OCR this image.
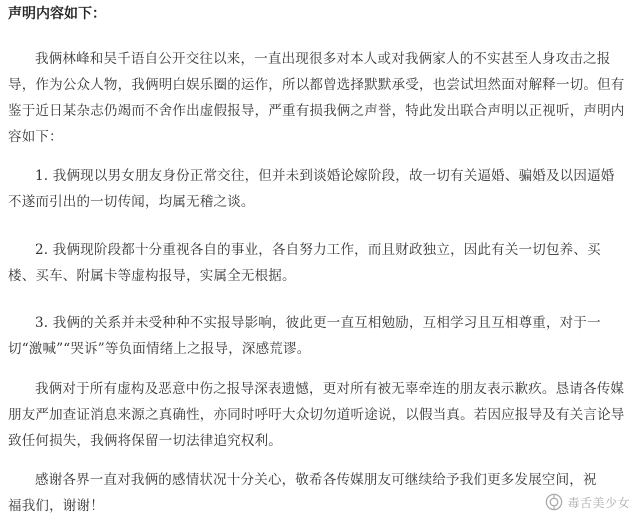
声明内容如下：

我俩林峰和吴千语自公开交往以来，一直出现很多对本人或对我俩家人的不实甚至人身攻击之报导，作为公众人物，我俩明白娱乐圈的运作，所以都曾选择默默承受，也尝试坦然面对解释一切。但有鉴于近日某杂志仍竭而不舍作出虚假报导，严重有损我俩之声誉，特此发出联合声明以正视听，声明内容如下：

1. 我俩现以男女朋友身份正常交往，但并未到谈婚论嫁阶段，故一切有关逼婚、骗婚及以因逼婚不遂而引出的一切传闻，均属无稽之谈。

2. 我俩现阶段都十分重视各自的事业，各自努力工作，而且财政独立，因此有关一切包养、买楼、买车、附属卡等虚构报导，实属全无根据。

3. 我俩的关系并未受种种不实报导影响，彼此更一直互相勉励，互相学习且互相尊重，对于一切“激喊”“哭诉”等负面情绪上之报导，深感荒谬。

我俩对于所有虚构及恶意中伤之报导深表遗憾，更对所有被无辜牵连的朋友表示歉疚。恳请各传媒朋友严加查证消息来源之真确性，亦同时呼吁大众切勿道听途说，以假当真。若因应报导及有关言论导致任何损失，我俩将保留一切法律追究权利。

感谢各界一直对我俩的感情状况十分关心，敬希各传媒朋友可继续给予我们更多发展空间，祝福我们，谢谢！	毒舌美少女
